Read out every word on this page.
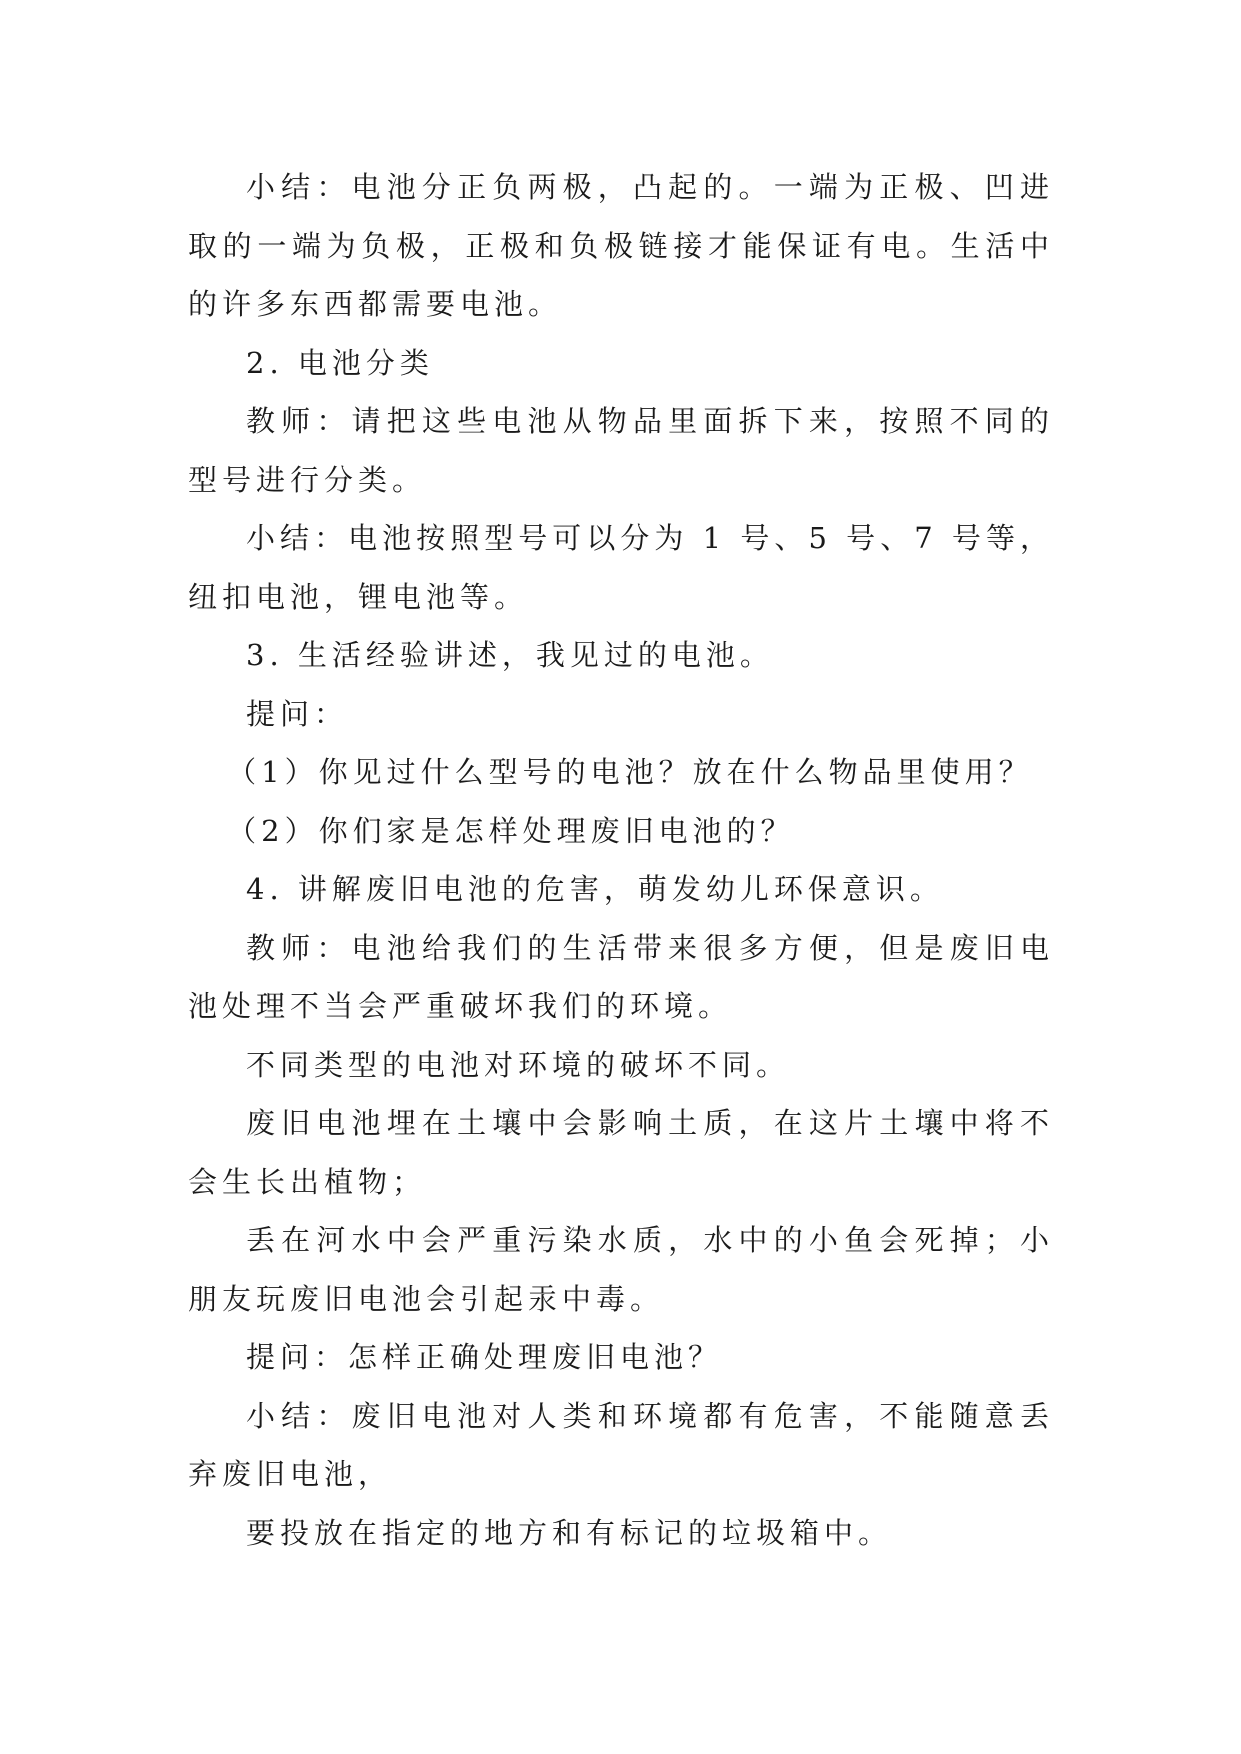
小结：电池分正负两极，凸起的。一端为正极、凹进取的一端为负极，正极和负极链接才能保证有电。生活中的许多东西都需要电池。

2. 电池分类

教师：请把这些电池从物品里面拆下来，按照不同的型号进行分类。

小结：电池按照型号可以分为 1 号、5 号、7 号等，纽扣电池，锂电池等。

3. 生活经验讲述，我见过的电池。

提问：

（1）你见过什么型号的电池？放在什么物品里使用？

（2）你们家是怎样处理废旧电池的？

4. 讲解废旧电池的危害，萌发幼儿环保意识。

教师：电池给我们的生活带来很多方便，但是废旧电池处理不当会严重破坏我们的环境。

不同类型的电池对环境的破坏不同。

废旧电池埋在土壤中会影响土质，在这片土壤中将不会生长出植物；

丢在河水中会严重污染水质，水中的小鱼会死掉；小朋友玩废旧电池会引起汞中毒。

提问：怎样正确处理废旧电池？

小结：废旧电池对人类和环境都有危害，不能随意丢弃废旧电池，

要投放在指定的地方和有标记的垃圾箱中。
